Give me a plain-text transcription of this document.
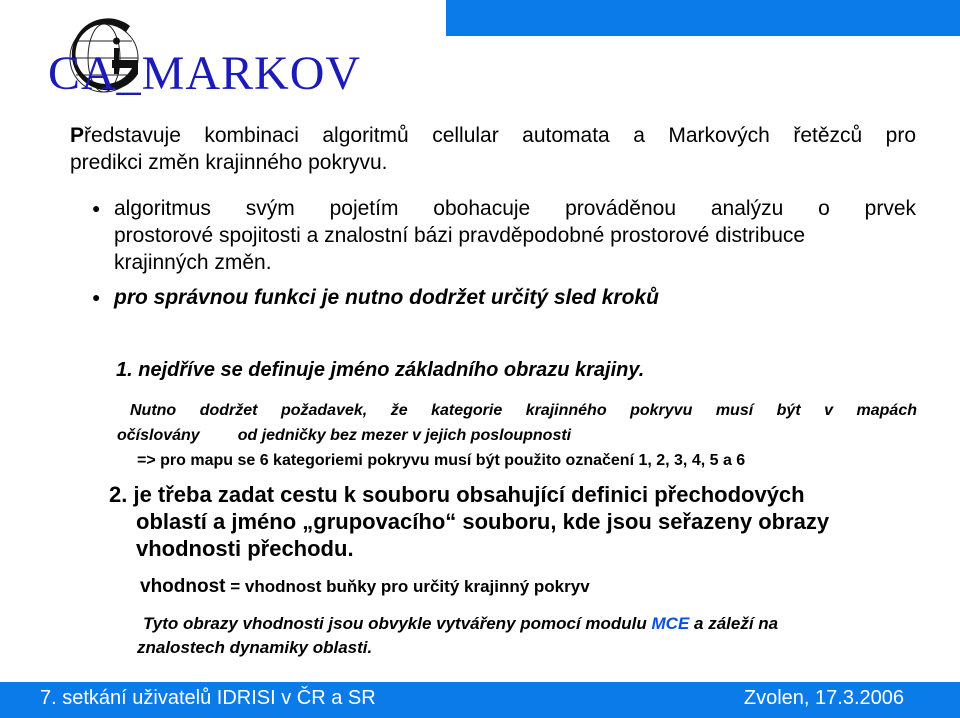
CA_MARKOV
Představuje kombinaci algoritmů cellular automata a Markových řetězců pro
predikci změn krajinného pokryvu.
● algoritmus svým pojetím obohacuje prováděnou analýzu o prvek
prostorové spojitosti a znalostní bázi pravděpodobné prostorové distribuce
krajinných změn.
● pro správnou funkci je nutno dodržet určitý sled kroků
1. nejdříve se definuje jméno základního obrazu krajiny.
Nutno dodržet požadavek, že kategorie krajinného pokryvu musí být v mapách
očíslovány od jedničky bez mezer v jejich posloupnosti
=> pro mapu se 6 kategoriemi pokryvu musí být použito označení 1, 2, 3, 4, 5 a 6
2. je třeba zadat cestu k souboru obsahující definici přechodových
oblastí a jméno „grupovacího“ souboru, kde jsou seřazeny obrazy
vhodnosti přechodu.
vhodnost = vhodnost buňky pro určitý krajinný pokryv
Tyto obrazy vhodnosti jsou obvykle vytvářeny pomocí modulu MCE a záleží na
znalostech dynamiky oblasti.
7. setkání uživatelů IDRISI v ČR a SR	Zvolen, 17.3.2006
